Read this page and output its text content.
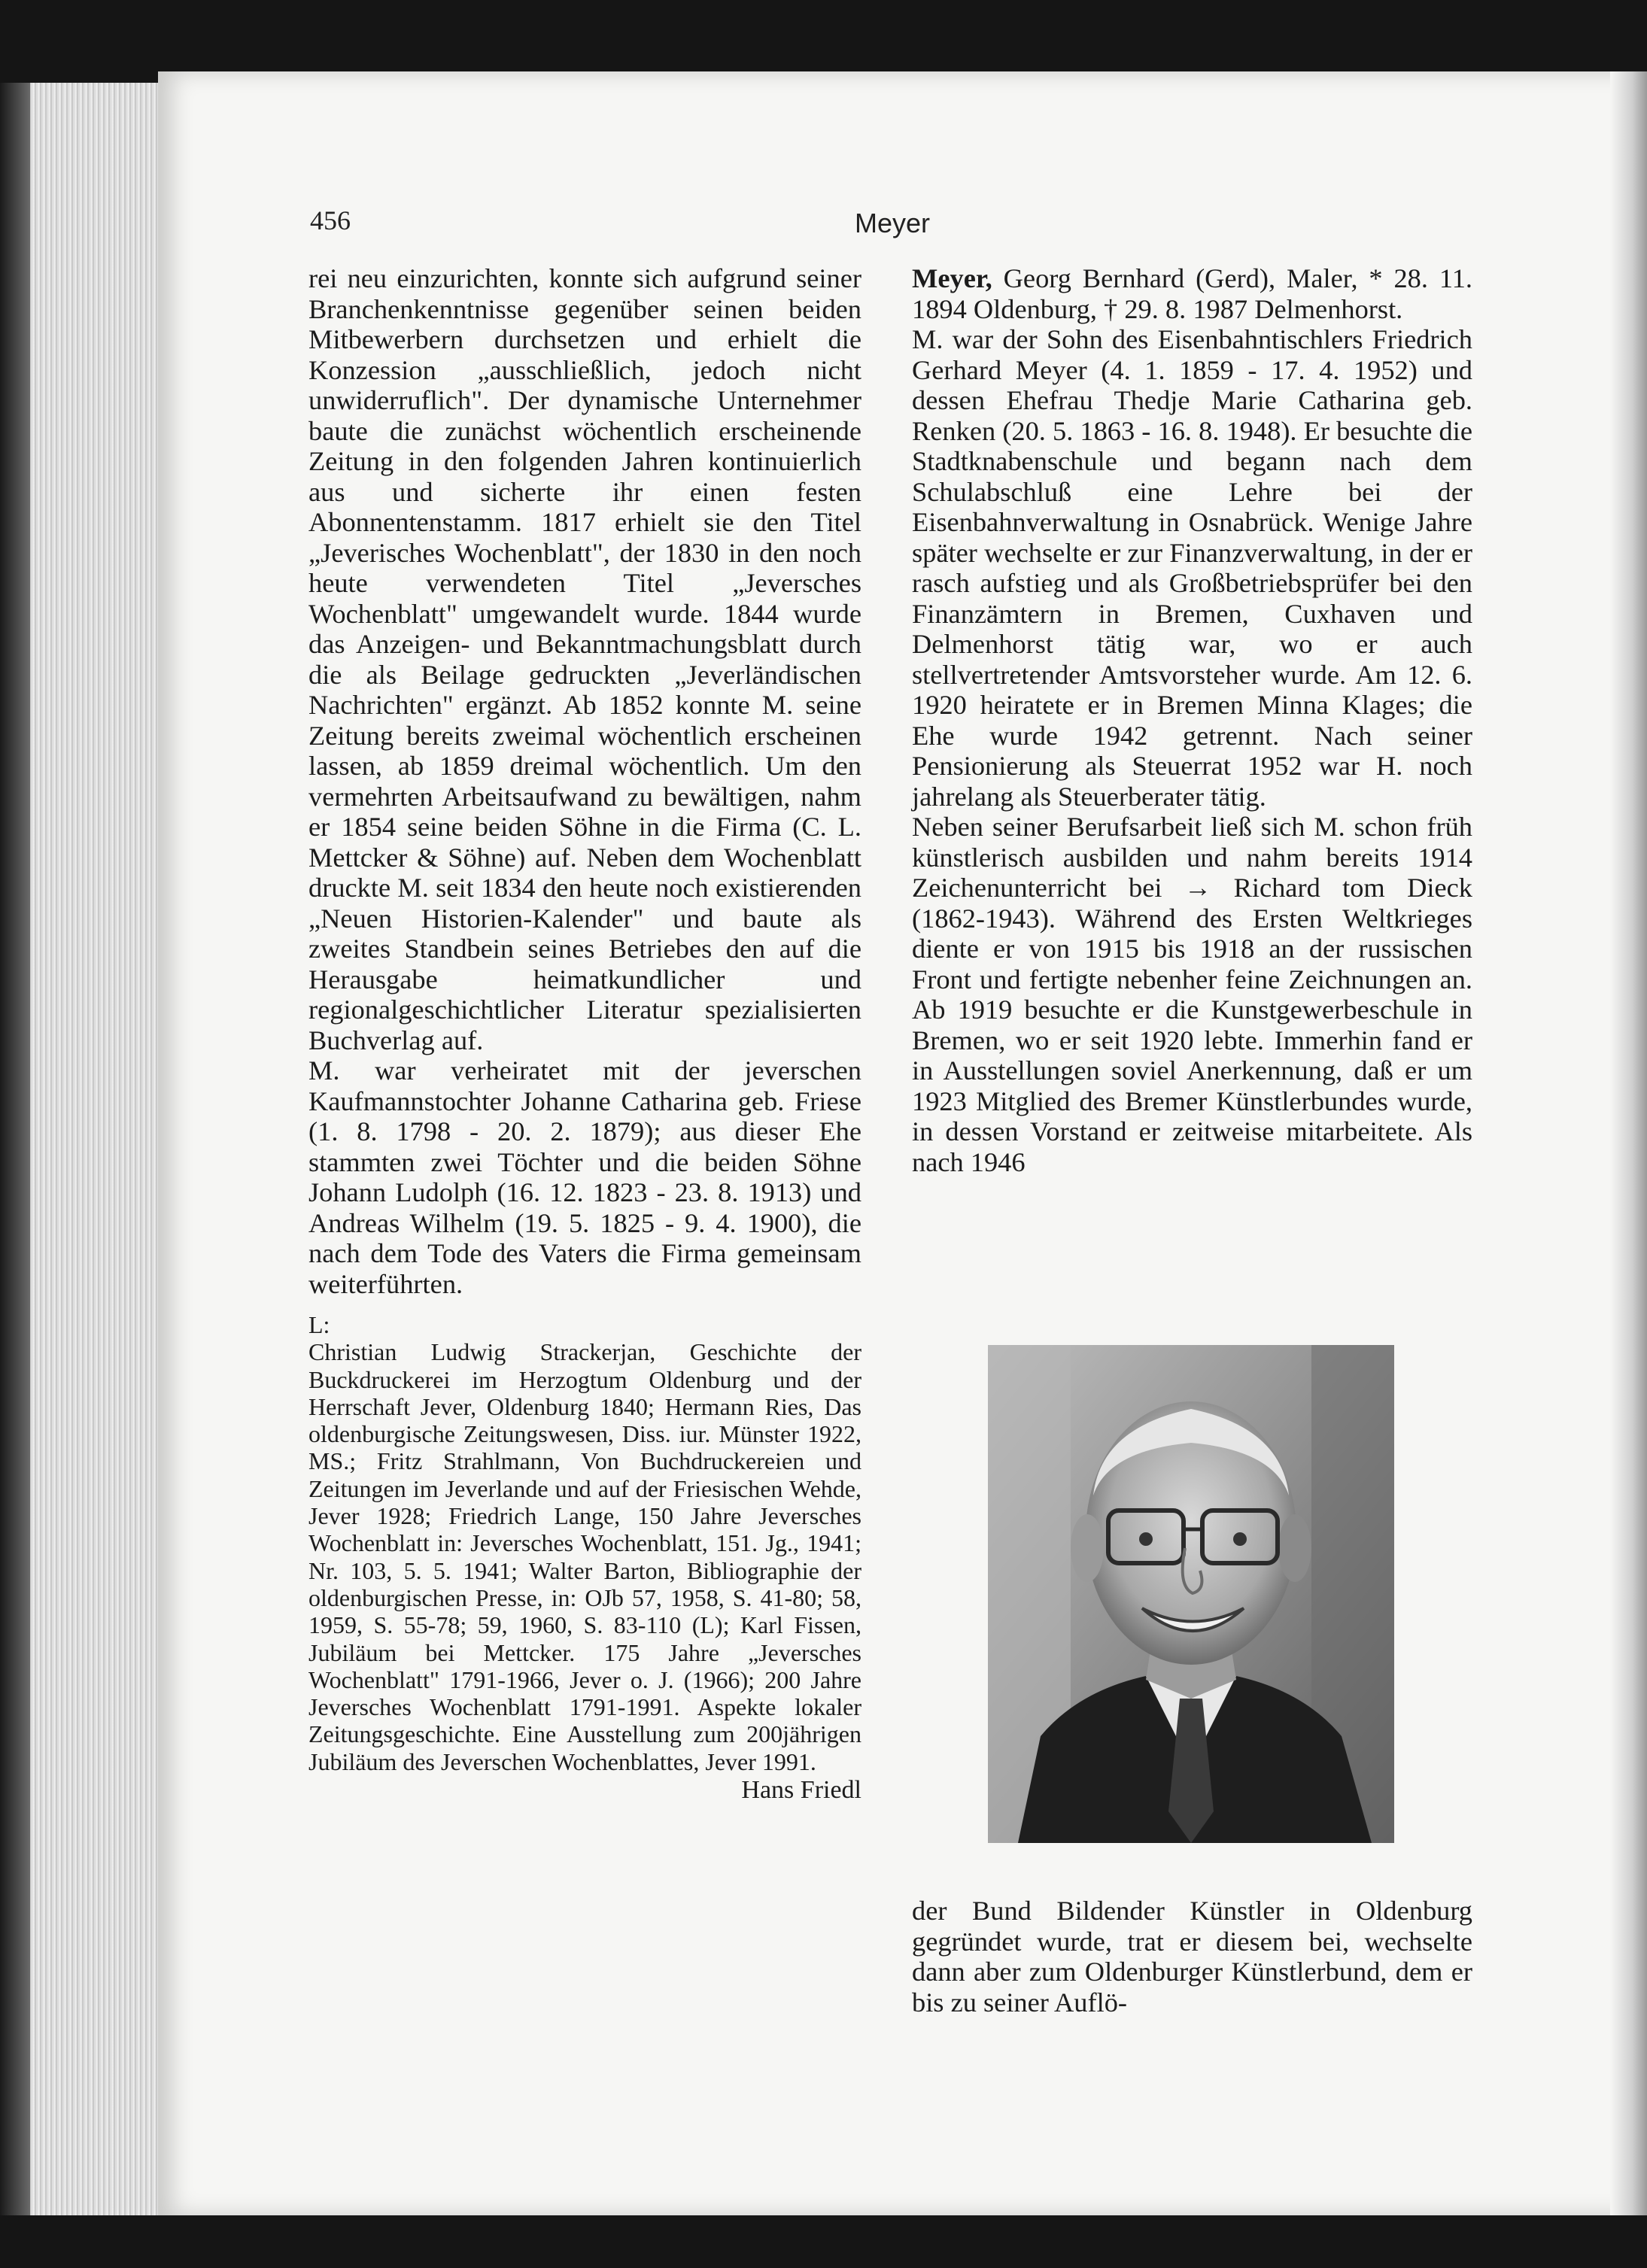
456	Meyer

rei neu einzurichten, konnte sich aufgrund seiner Branchenkenntnisse gegenüber seinen beiden Mitbewerbern durchsetzen und erhielt die Konzession „ausschließlich, jedoch nicht unwiderruflich". Der dynamische Unternehmer baute die zunächst wöchentlich erscheinende Zeitung in den folgenden Jahren kontinuierlich aus und sicherte ihr einen festen Abonnentenstamm. 1817 erhielt sie den Titel „Jeverisches Wochenblatt", der 1830 in den noch heute verwendeten Titel „Jeversches Wochenblatt" umgewandelt wurde. 1844 wurde das Anzeigen- und Bekanntmachungsblatt durch die als Beilage gedruckten „Jeverländischen Nachrichten" ergänzt. Ab 1852 konnte M. seine Zeitung bereits zweimal wöchentlich erscheinen lassen, ab 1859 dreimal wöchentlich. Um den vermehrten Arbeitsaufwand zu bewältigen, nahm er 1854 seine beiden Söhne in die Firma (C. L. Mettcker & Söhne) auf. Neben dem Wochenblatt druckte M. seit 1834 den heute noch existierenden „Neuen Historien-Kalender" und baute als zweites Standbein seines Betriebes den auf die Herausgabe heimatkundlicher und regionalgeschichtlicher Literatur spezialisierten Buchverlag auf.

M. war verheiratet mit der jeverschen Kaufmannstochter Johanne Catharina geb. Friese (1. 8. 1798 - 20. 2. 1879); aus dieser Ehe stammten zwei Töchter und die beiden Söhne Johann Ludolph (16. 12. 1823 - 23. 8. 1913) und Andreas Wilhelm (19. 5. 1825 - 9. 4. 1900), die nach dem Tode des Vaters die Firma gemeinsam weiterführten.

L:

Christian Ludwig Strackerjan, Geschichte der Buckdruckerei im Herzogtum Oldenburg und der Herrschaft Jever, Oldenburg 1840; Hermann Ries, Das oldenburgische Zeitungswesen, Diss. iur. Münster 1922, MS.; Fritz Strahlmann, Von Buchdruckereien und Zeitungen im Jeverlande und auf der Friesischen Wehde, Jever 1928; Friedrich Lange, 150 Jahre Jeversches Wochenblatt in: Jeversches Wochenblatt, 151. Jg., 1941; Nr. 103, 5. 5. 1941; Walter Barton, Bibliographie der oldenburgischen Presse, in: OJb 57, 1958, S. 41-80; 58, 1959, S. 55-78; 59, 1960, S. 83-110 (L); Karl Fissen, Jubiläum bei Mettcker. 175 Jahre „Jeversches Wochenblatt" 1791-1966, Jever o. J. (1966); 200 Jahre Jeversches Wochenblatt 1791-1991. Aspekte lokaler Zeitungsgeschichte. Eine Ausstellung zum 200jährigen Jubiläum des Jeverschen Wochenblattes, Jever 1991.

Hans Friedl

Meyer, Georg Bernhard (Gerd), Maler, * 28. 11. 1894 Oldenburg, † 29. 8. 1987 Delmenhorst.

M. war der Sohn des Eisenbahntischlers Friedrich Gerhard Meyer (4. 1. 1859 - 17. 4. 1952) und dessen Ehefrau Thedje Marie Catharina geb. Renken (20. 5. 1863 - 16. 8. 1948). Er besuchte die Stadtknabenschule und begann nach dem Schulabschluß eine Lehre bei der Eisenbahnverwaltung in Osnabrück. Wenige Jahre später wechselte er zur Finanzverwaltung, in der er rasch aufstieg und als Großbetriebsprüfer bei den Finanzämtern in Bremen, Cuxhaven und Delmenhorst tätig war, wo er auch stellvertretender Amtsvorsteher wurde. Am 12. 6. 1920 heiratete er in Bremen Minna Klages; die Ehe wurde 1942 getrennt. Nach seiner Pensionierung als Steuerrat 1952 war H. noch jahrelang als Steuerberater tätig.

Neben seiner Berufsarbeit ließ sich M. schon früh künstlerisch ausbilden und nahm bereits 1914 Zeichenunterricht bei → Richard tom Dieck (1862-1943). Während des Ersten Weltkrieges diente er von 1915 bis 1918 an der russischen Front und fertigte nebenher feine Zeichnungen an. Ab 1919 besuchte er die Kunstgewerbeschule in Bremen, wo er seit 1920 lebte. Immerhin fand er in Ausstellungen soviel Anerkennung, daß er um 1923 Mitglied des Bremer Künstlerbundes wurde, in dessen Vorstand er zeitweise mitarbeitete. Als nach 1946

der Bund Bildender Künstler in Oldenburg gegründet wurde, trat er diesem bei, wechselte dann aber zum Oldenburger Künstlerbund, dem er bis zu seiner Auflö-
